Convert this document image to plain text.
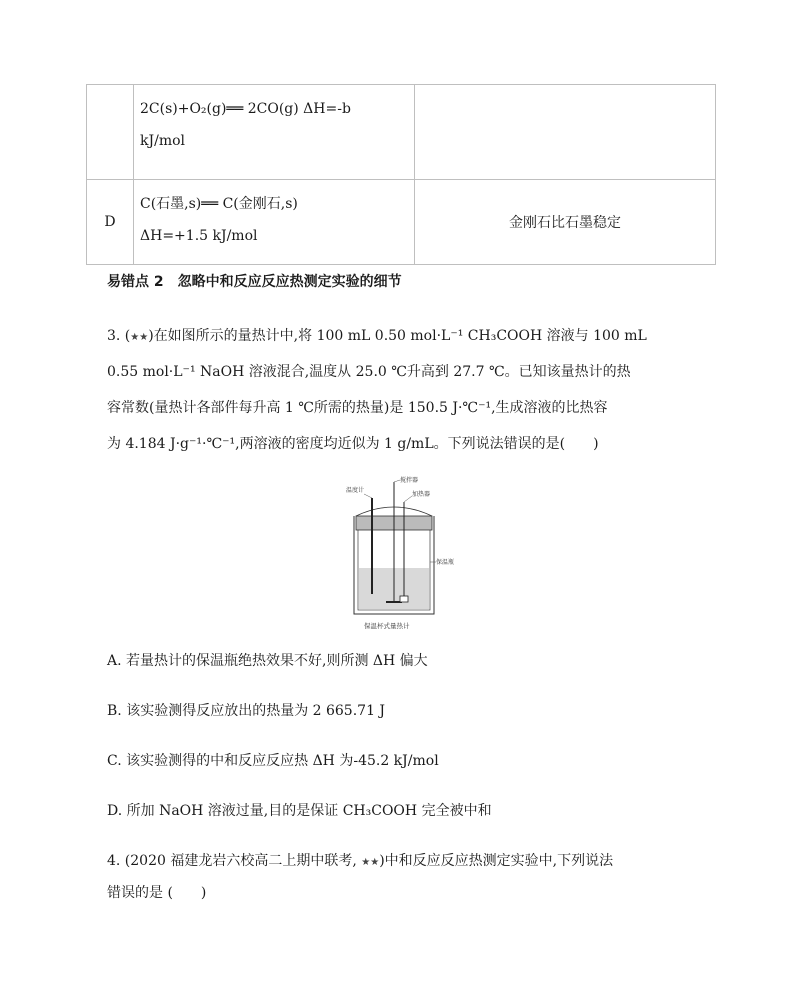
	2C(s)+O₂(g)══ 2CO(g) ΔH=-b
kJ/mol	

D	C(石墨,s)══ C(金刚石,s)
ΔH=+1.5 kJ/mol	金刚石比石墨稳定
易错点 2　忽略中和反应反应热测定实验的细节
3. (★★)在如图所示的量热计中,将 100 mL 0.50 mol·L⁻¹ CH₃COOH 溶液与 100 mL
0.55 mol·L⁻¹ NaOH 溶液混合,温度从 25.0 ℃升高到 27.7 ℃。已知该量热计的热
容常数(量热计各部件每升高 1 ℃所需的热量)是 150.5 J·℃⁻¹,生成溶液的比热容
为 4.184 J·g⁻¹·℃⁻¹,两溶液的密度均近似为 1 g/mL。下列说法错误的是(　　)
温度计
搅拌器
加热器
保温瓶
保温杯式量热计
A. 若量热计的保温瓶绝热效果不好,则所测 ΔH 偏大
B. 该实验测得反应放出的热量为 2 665.71 J
C. 该实验测得的中和反应反应热 ΔH 为-45.2 kJ/mol
D. 所加 NaOH 溶液过量,目的是保证 CH₃COOH 完全被中和
4. (2020 福建龙岩六校高二上期中联考, ★★)中和反应反应热测定实验中,下列说法
错误的是 (　　)
